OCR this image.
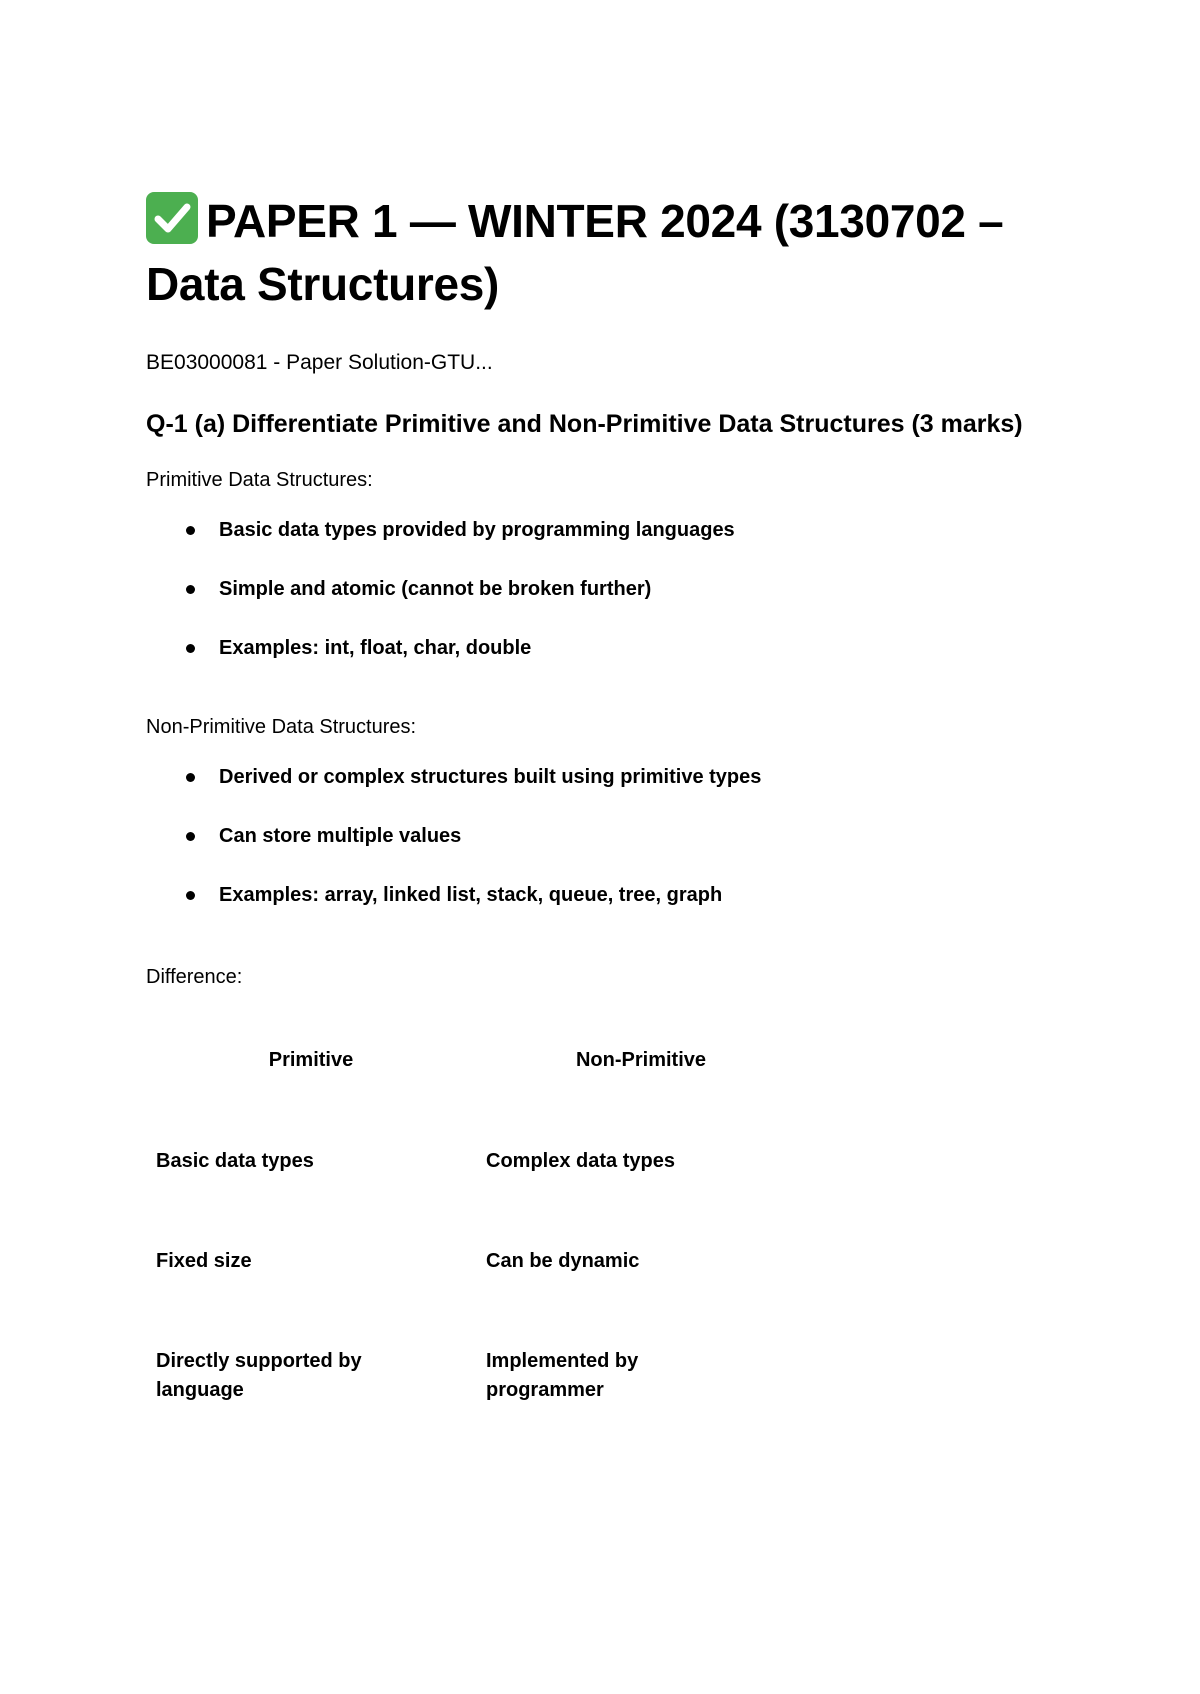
PAPER 1 — WINTER 2024 (3130702 – Data Structures)

BE03000081 - Paper Solution-GTU...

Q-1 (a) Differentiate Primitive and Non-Primitive Data Structures (3 marks)

Primitive Data Structures:

Basic data types provided by programming languages
Simple and atomic (cannot be broken further)
Examples: int, float, char, double

Non-Primitive Data Structures:

Derived or complex structures built using primitive types
Can store multiple values
Examples: array, linked list, stack, queue, tree, graph

Difference:

Primitive	Non-Primitive
Basic data types	Complex data types
Fixed size	Can be dynamic
Directly supported by language	Implemented by programmer
